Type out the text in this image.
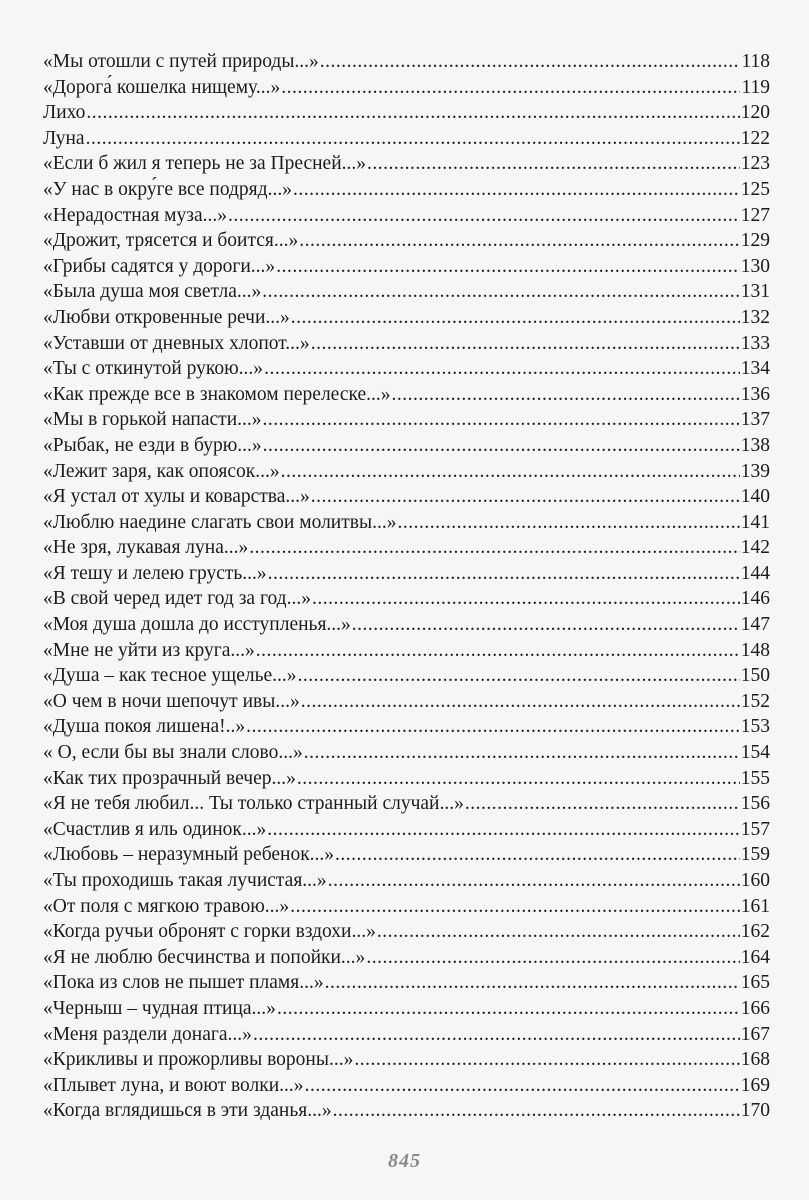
«Мы отошли с путей природы...» .....	118
«Дорога́ кошелка нищему...» .....	119
Лихо .....	120
Луна .....	122
«Если б жил я теперь не за Пресней...» .....	123
«У нас в окру́ге все подряд...» .....	125
«Нерадостная муза...» .....	127
«Дрожит, трясется и боится...» .....	129
«Грибы садятся у дороги...» .....	130
«Была душа моя светла...» .....	131
«Любви откровенные речи...» .....	132
«Уставши от дневных хлопот...» .....	133
«Ты с откинутой рукою...» .....	134
«Как прежде все в знакомом перелеске...» .....	136
«Мы в горькой напасти...» .....	137
«Рыбак, не езди в бурю...» .....	138
«Лежит заря, как опоясок...» .....	139
«Я устал от хулы и коварства...» .....	140
«Люблю наедине слагать свои молитвы...» .....	141
«Не зря, лукавая луна...» .....	142
«Я тешу и лелею грусть...» .....	144
«В свой черед идет год за год...» .....	146
«Моя душа дошла до исступленья...» .....	147
«Мне не уйти из круга...» .....	148
«Душа – как тесное ущелье...» .....	150
«О чем в ночи шепочут ивы...» .....	152
«Душа покоя лишена!..» .....	153
« О, если бы вы знали слово...» .....	154
«Как тих прозрачный вечер...» .....	155
«Я не тебя любил... Ты только странный случай...» .....	156
«Счастлив я иль одинок...» .....	157
«Любовь – неразумный ребенок...» .....	159
«Ты проходишь такая лучистая...» .....	160
«От поля с мягкою травою...» .....	161
«Когда ручьи обронят с горки вздохи...» .....	162
«Я не люблю бесчинства и попойки...» .....	164
«Пока из слов не пышет пламя...» .....	165
«Черныш – чудная птица...» .....	166
«Меня раздели донага...» .....	167
«Крикливы и прожорливы вороны...» .....	168
«Плывет луна, и воют волки...» .....	169
«Когда вглядишься в эти зданья...» .....	170
845
